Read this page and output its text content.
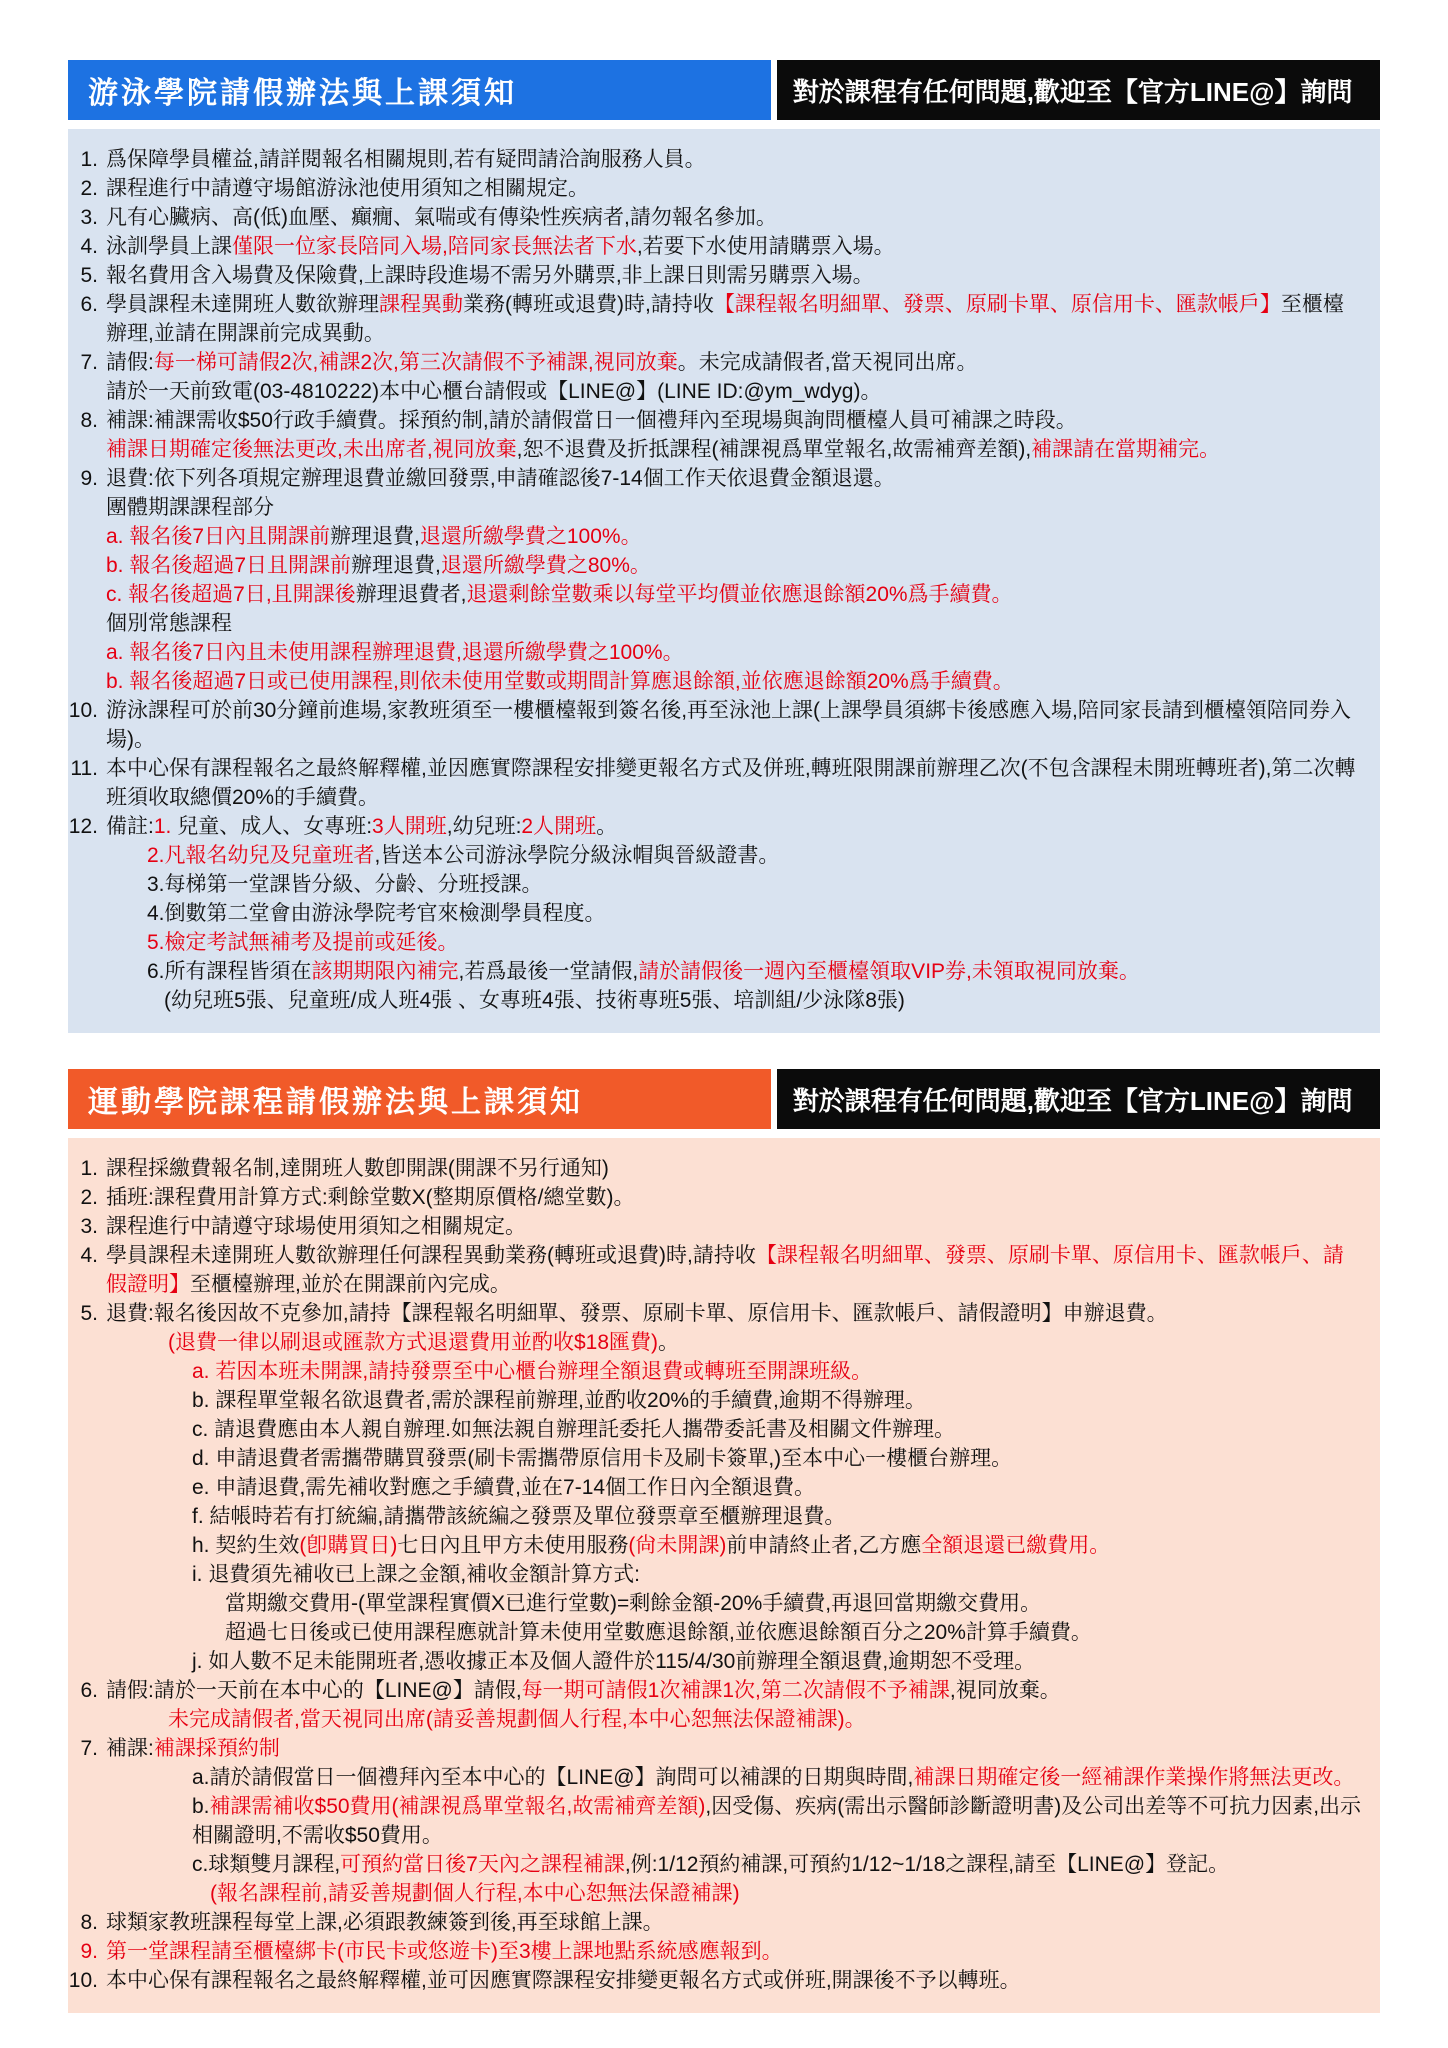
游泳學院請假辦法與上課須知	對於課程有任何問題,歡迎至【官方LINE@】詢問
1. 爲保障學員權益,請詳閱報名相關規則,若有疑問請洽詢服務人員。
2. 課程進行中請遵守場館游泳池使用須知之相關規定。
3. 凡有心臟病、高(低)血壓、癲癇、氣喘或有傳染性疾病者,請勿報名參加。
4. 泳訓學員上課僅限一位家長陪同入場,陪同家長無法者下水,若要下水使用請購票入場。
5. 報名費用含入場費及保險費,上課時段進場不需另外購票,非上課日則需另購票入場。
6. 學員課程未達開班人數欲辦理課程異動業務(轉班或退費)時,請持收【課程報名明細單、發票、原刷卡單、原信用卡、匯款帳戶】至櫃檯辦理,並請在開課前完成異動。
7. 請假:每一梯可請假2次,補課2次,第三次請假不予補課,視同放棄。未完成請假者,當天視同出席。
請於一天前致電(03-4810222)本中心櫃台請假或【LINE@】(LINE ID:@ym_wdyg)。
8. 補課:補課需收$50行政手續費。採預約制,請於請假當日一個禮拜內至現場與詢問櫃檯人員可補課之時段。
補課日期確定後無法更改,未出席者,視同放棄,恕不退費及折抵課程(補課視爲單堂報名,故需補齊差額),補課請在當期補完。
9. 退費:依下列各項規定辦理退費並繳回發票,申請確認後7-14個工作天依退費金額退還。
團體期課課程部分
a. 報名後7日內且開課前辦理退費,退還所繳學費之100%。
b. 報名後超過7日且開課前辦理退費,退還所繳學費之80%。
c. 報名後超過7日,且開課後辦理退費者,退還剩餘堂數乘以每堂平均價並依應退餘額20%爲手續費。
個別常態課程
a. 報名後7日內且未使用課程辦理退費,退還所繳學費之100%。
b. 報名後超過7日或已使用課程,則依未使用堂數或期間計算應退餘額,並依應退餘額20%爲手續費。
10. 游泳課程可於前30分鐘前進場,家教班須至一樓櫃檯報到簽名後,再至泳池上課(上課學員須綁卡後感應入場,陪同家長請到櫃檯領陪同券入場)。
11. 本中心保有課程報名之最終解釋權,並因應實際課程安排變更報名方式及併班,轉班限開課前辦理乙次(不包含課程未開班轉班者),第二次轉班須收取總價20%的手續費。
12. 備註:1. 兒童、成人、女專班:3人開班,幼兒班:2人開班。
2.凡報名幼兒及兒童班者,皆送本公司游泳學院分級泳帽與晉級證書。
3.每梯第一堂課皆分級、分齡、分班授課。
4.倒數第二堂會由游泳學院考官來檢測學員程度。
5.檢定考試無補考及提前或延後。
6.所有課程皆須在該期期限內補完,若爲最後一堂請假,請於請假後一週內至櫃檯領取VIP券,未領取視同放棄。
(幼兒班5張、兒童班/成人班4張 、女專班4張、技術專班5張、培訓組/少泳隊8張)
運動學院課程請假辦法與上課須知	對於課程有任何問題,歡迎至【官方LINE@】詢問
1. 課程採繳費報名制,達開班人數卽開課(開課不另行通知)
2. 插班:課程費用計算方式:剩餘堂數X(整期原價格/總堂數)。
3. 課程進行中請遵守球場使用須知之相關規定。
4. 學員課程未達開班人數欲辦理任何課程異動業務(轉班或退費)時,請持收【課程報名明細單、發票、原刷卡單、原信用卡、匯款帳戶、請假證明】至櫃檯辦理,並於在開課前內完成。
5. 退費:報名後因故不克參加,請持【課程報名明細單、發票、原刷卡單、原信用卡、匯款帳戶、請假證明】申辦退費。
(退費一律以刷退或匯款方式退還費用並酌收$18匯費)。
a. 若因本班未開課,請持發票至中心櫃台辦理全額退費或轉班至開課班級。
b. 課程單堂報名欲退費者,需於課程前辦理,並酌收20%的手續費,逾期不得辦理。
c. 請退費應由本人親自辦理.如無法親自辦理託委托人攜帶委託書及相關文件辦理。
d. 申請退費者需攜帶購買發票(刷卡需攜帶原信用卡及刷卡簽單,)至本中心一樓櫃台辦理。
e. 申請退費,需先補收對應之手續費,並在7-14個工作日內全額退費。
f. 結帳時若有打統編,請攜帶該統編之發票及單位發票章至櫃辦理退費。
h. 契約生效(卽購買日)七日內且甲方未使用服務(尙未開課)前申請終止者,乙方應全額退還已繳費用。
i. 退費須先補收已上課之金額,補收金額計算方式:
當期繳交費用-(單堂課程實價X已進行堂數)=剩餘金額-20%手續費,再退回當期繳交費用。
超過七日後或已使用課程應就計算未使用堂數應退餘額,並依應退餘額百分之20%計算手續費。
j. 如人數不足未能開班者,憑收據正本及個人證件於115/4/30前辦理全額退費,逾期恕不受理。
6. 請假:請於一天前在本中心的【LINE@】請假,每一期可請假1次補課1次,第二次請假不予補課,視同放棄。
未完成請假者,當天視同出席(請妥善規劃個人行程,本中心恕無法保證補課)。
7. 補課:補課採預約制
a.請於請假當日一個禮拜內至本中心的【LINE@】詢問可以補課的日期與時間,補課日期確定後一經補課作業操作將無法更改。
b.補課需補收$50費用(補課視爲單堂報名,故需補齊差額),因受傷、疾病(需出示醫師診斷證明書)及公司出差等不可抗力因素,出示相關證明,不需收$50費用。
c.球類雙月課程,可預約當日後7天內之課程補課,例:1/12預約補課,可預約1/12~1/18之課程,請至【LINE@】登記。
(報名課程前,請妥善規劃個人行程,本中心恕無法保證補課)
8. 球類家教班課程每堂上課,必須跟教練簽到後,再至球館上課。
9. 第一堂課程請至櫃檯綁卡(市民卡或悠遊卡)至3樓上課地點系統感應報到。
10. 本中心保有課程報名之最終解釋權,並可因應實際課程安排變更報名方式或併班,開課後不予以轉班。
